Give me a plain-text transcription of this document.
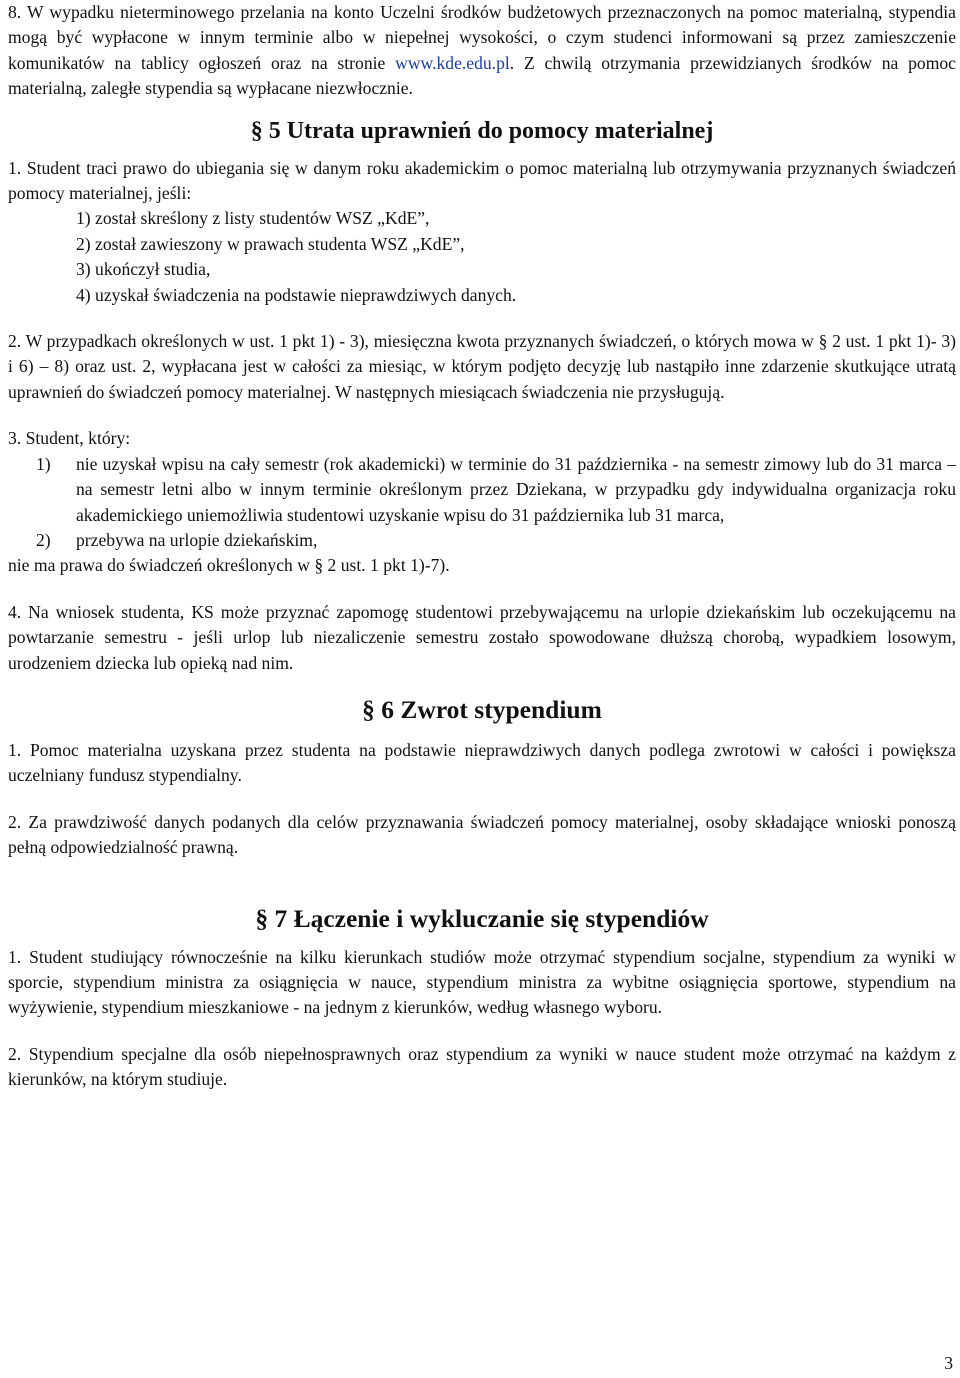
8. W wypadku nieterminowego przelania na konto Uczelni środków budżetowych przeznaczonych na pomoc materialną, stypendia mogą być wypłacone w innym terminie albo w niepełnej wysokości, o czym studenci informowani są przez zamieszczenie komunikatów na tablicy ogłoszeń oraz na stronie www.kde.edu.pl. Z chwilą otrzymania przewidzianych środków na pomoc materialną, zaległe stypendia są wypłacane niezwłocznie.

§ 5 Utrata uprawnień do pomocy materialnej

1. Student traci prawo do ubiegania się w danym roku akademickim o pomoc materialną lub otrzymywania przyznanych świadczeń pomocy materialnej, jeśli:

1) został skreślony z listy studentów WSZ „KdE”,
2) został zawieszony w prawach studenta WSZ „KdE”,
3) ukończył studia,
4) uzyskał świadczenia na podstawie nieprawdziwych danych.

2. W przypadkach określonych w ust. 1 pkt 1) - 3), miesięczna kwota przyznanych świadczeń, o których mowa w § 2 ust. 1 pkt 1)- 3) i 6) – 8) oraz ust. 2, wypłacana jest w całości za miesiąc, w którym podjęto decyzję lub nastąpiło inne zdarzenie skutkujące utratą uprawnień do świadczeń pomocy materialnej. W następnych miesiącach świadczenia nie przysługują.

3. Student, który:

1)	nie uzyskał wpisu na cały semestr (rok akademicki) w terminie do 31 października - na semestr zimowy lub do 31 marca – na semestr letni albo w innym terminie określonym przez Dziekana, w przypadku gdy indywidualna organizacja roku akademickiego uniemożliwia studentowi uzyskanie wpisu do 31 października lub 31 marca,
2)	przebywa na urlopie dziekańskim,

nie ma prawa do świadczeń określonych w § 2 ust. 1 pkt 1)-7).

4. Na wniosek studenta, KS może przyznać zapomogę studentowi przebywającemu na urlopie dziekańskim lub oczekującemu na powtarzanie semestru - jeśli urlop lub niezaliczenie semestru zostało spowodowane dłuższą chorobą, wypadkiem losowym, urodzeniem dziecka lub opieką nad nim.

§ 6 Zwrot stypendium

1. Pomoc materialna uzyskana przez studenta na podstawie nieprawdziwych danych podlega zwrotowi w całości i powiększa uczelniany fundusz stypendialny.

2. Za prawdziwość danych podanych dla celów przyznawania świadczeń pomocy materialnej, osoby składające wnioski ponoszą pełną odpowiedzialność prawną.

§ 7 Łączenie i wykluczanie się stypendiów

1. Student studiujący równocześnie na kilku kierunkach studiów może otrzymać stypendium socjalne, stypendium za wyniki w sporcie, stypendium ministra za osiągnięcia w nauce, stypendium ministra za wybitne osiągnięcia sportowe, stypendium na wyżywienie, stypendium mieszkaniowe - na jednym z kierunków, według własnego wyboru.

2. Stypendium specjalne dla osób niepełnosprawnych oraz stypendium za wyniki w nauce student może otrzymać na każdym z kierunków, na którym studiuje.

3
